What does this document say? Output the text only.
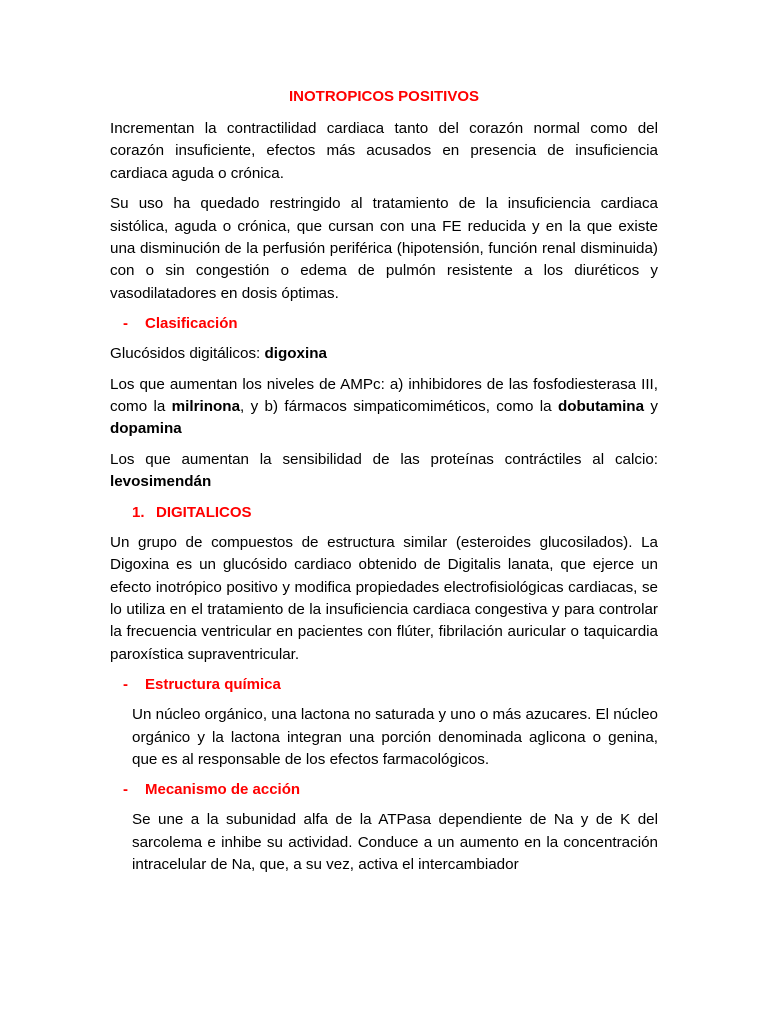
INOTROPICOS POSITIVOS

Incrementan la contractilidad cardiaca tanto del corazón normal como del corazón insuficiente, efectos más acusados en presencia de insuficiencia cardiaca aguda o crónica.

Su uso ha quedado restringido al tratamiento de la insuficiencia cardiaca sistólica, aguda o crónica, que cursan con una FE reducida y en la que existe una disminución de la perfusión periférica (hipotensión, función renal disminuida) con o sin congestión o edema de pulmón resistente a los diuréticos y vasodilatadores en dosis óptimas.

-	Clasificación

Glucósidos digitálicos: digoxina

Los que aumentan los niveles de AMPc: a) inhibidores de las fosfodiesterasa III, como la milrinona, y b) fármacos simpaticomiméticos, como la dobutamina y dopamina

Los que aumentan la sensibilidad de las proteínas contráctiles al calcio: levosimendán

1. DIGITALICOS

Un grupo de compuestos de estructura similar (esteroides glucosilados). La Digoxina es un glucósido cardiaco obtenido de Digitalis lanata, que ejerce un efecto inotrópico positivo y modifica propiedades electrofisiológicas cardiacas, se lo utiliza en el tratamiento de la insuficiencia cardiaca congestiva y para controlar la frecuencia ventricular en pacientes con flúter, fibrilación auricular o taquicardia paroxística supraventricular.

-	Estructura química

Un núcleo orgánico, una lactona no saturada y uno o más azucares. El núcleo orgánico y la lactona integran una porción denominada aglicona o genina, que es al responsable de los efectos farmacológicos.

-	Mecanismo de acción

Se une a la subunidad alfa de la ATPasa dependiente de Na y de K del sarcolema e inhibe su actividad. Conduce a un aumento en la concentración intracelular de Na, que, a su vez, activa el intercambiador
